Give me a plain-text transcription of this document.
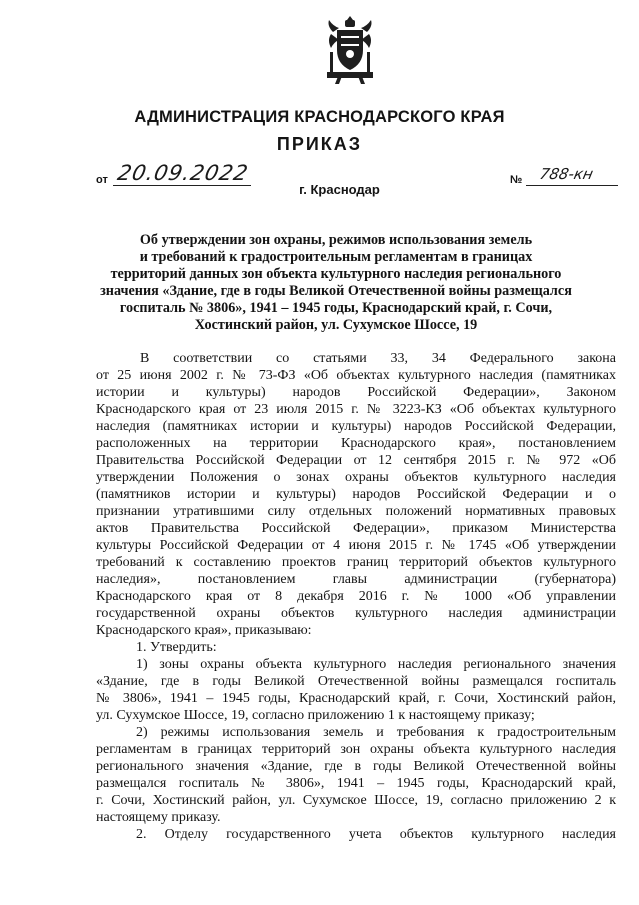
АДМИНИСТРАЦИЯ КРАСНОДАРСКОГО КРАЯ
ПРИКАЗ
от 20.09.2022	№ 788-кн
г. Краснодар
Об утверждении зон охраны, режимов использования земель
и требований к градостроительным регламентам в границах
территорий данных зон объекта культурного наследия регионального
значения «Здание, где в годы Великой Отечественной войны размещался
госпиталь № 3806», 1941 – 1945 годы, Краснодарский край, г. Сочи,
Хостинский район, ул. Сухумское Шоссе, 19

В соответствии со статьями 33, 34 Федерального закона

от 25 июня 2002 г. № 73-ФЗ «Об объектах культурного наследия (памятниках

истории и культуры) народов Российской Федерации», Законом

Краснодарского края от 23 июля 2015 г. № 3223-КЗ «Об объектах культурного

наследия (памятниках истории и культуры) народов Российской Федерации,

расположенных на территории Краснодарского края», постановлением

Правительства Российской Федерации от 12 сентября 2015 г. № 972 «Об

утверждении Положения о зонах охраны объектов культурного наследия

(памятников истории и культуры) народов Российской Федерации и о

признании утратившими силу отдельных положений нормативных правовых

актов Правительства Российской Федерации», приказом Министерства

культуры Российской Федерации от 4 июня 2015 г. № 1745 «Об утверждении

требований к составлению проектов границ территорий объектов культурного

наследия», постановлением главы администрации (губернатора)

Краснодарского края от 8 декабря 2016 г. № 1000 «Об управлении

государственной охраны объектов культурного наследия администрации

Краснодарского края», приказываю:

1. Утвердить:

1) зоны охраны объекта культурного наследия регионального значения

«Здание, где в годы Великой Отечественной войны размещался госпиталь

№ 3806», 1941 – 1945 годы, Краснодарский край, г. Сочи, Хостинский район,

ул. Сухумское Шоссе, 19, согласно приложению 1 к настоящему приказу;

2) режимы использования земель и требования к градостроительным

регламентам в границах территорий зон охраны объекта культурного наследия

регионального значения «Здание, где в годы Великой Отечественной войны

размещался госпиталь № 3806», 1941 – 1945 годы, Краснодарский край,

г. Сочи, Хостинский район, ул. Сухумское Шоссе, 19, согласно приложению 2 к

настоящему приказу.

2. Отделу государственного учета объектов культурного наследия
